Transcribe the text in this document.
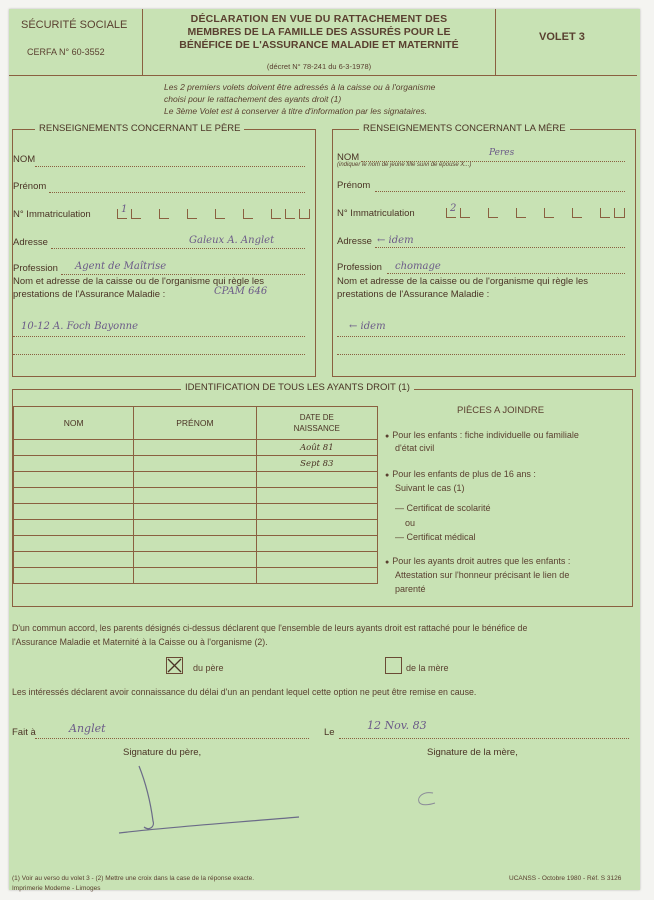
SÉCURITÉ SOCIALE
CERFA N° 60-3552
DÉCLARATION EN VUE DU RATTACHEMENT DES
MEMBRES DE LA FAMILLE DES ASSURÉS POUR LE
BÉNÉFICE DE L'ASSURANCE MALADIE ET MATERNITÉ
(décret N° 78-241 du 6-3-1978)
VOLET 3
Les 2 premiers volets doivent être adressés à la caisse ou à l'organisme
choisi pour le rattachement des ayants droit (1)
Le 3ème Volet est à conserver à titre d'information par les signataires.
RENSEIGNEMENTS CONCERNANT LE PÈRE
NOM
Prénom
N° Immatriculation	1
Adresse	Galeux A. Anglet
Profession Agent de Maîtrise
Nom et adresse de la caisse ou de l'organisme qui règle les
prestations de l'Assurance Maladie :	CPAM 646
10-12 A. Foch Bayonne
RENSEIGNEMENTS CONCERNANT LA MÈRE
NOM
(indiquer le nom de jeune fille suivi de épouse X...)
Peres
Prénom
N° Immatriculation	2
Adresse ← idem
Profession chomage
Nom et adresse de la caisse ou de l'organisme qui règle les
prestations de l'Assurance Maladie :
← idem
IDENTIFICATION DE TOUS LES AYANTS DROIT (1)
NOM	PRÉNOM	DATE DE
NAISSANCE
		Août 81
		Sept 83

PIÈCES A JOINDRE
● Pour les enfants : fiche individuelle ou familiale
d'état civil
● Pour les enfants de plus de 16 ans :
Suivant le cas (1)
— Certificat de scolarité
ou
— Certificat médical
● Pour les ayants droit autres que les enfants :
Attestation sur l'honneur précisant le lien de
parenté
D'un commun accord, les parents désignés ci-dessus déclarent que l'ensemble de leurs ayants droit est rattaché pour le bénéfice de
l'Assurance Maladie et Maternité à la Caisse ou à l'organisme (2).
du père	de la mère
Les intéressés déclarent avoir connaissance du délai d'un an pendant lequel cette option ne peut être remise en cause.
Fait à	Anglet	Le
12 Nov. 83
Signature du père,	Signature de la mère,
(1) Voir au verso du volet 3 - (2) Mettre une croix dans la case de la réponse exacte.
Imprimerie Moderne - Limoges
UCANSS - Octobre 1980 - Réf. S 3126
